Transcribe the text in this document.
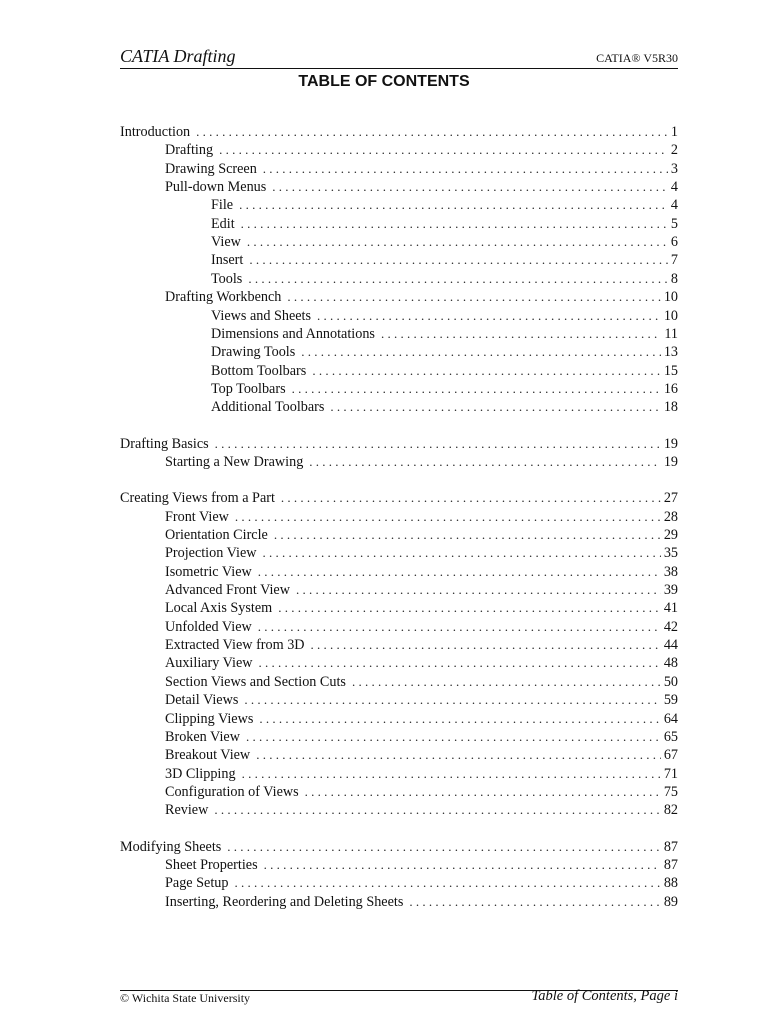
CATIA Drafting	CATIA® V5R30
TABLE OF CONTENTS
Introduction . . .	1
Drafting . . .	2
Drawing Screen . . .	3
Pull-down Menus . . .	4
File . . .	4
Edit . . .	5
View . . .	6
Insert . . .	7
Tools . . .	8
Drafting Workbench . . .	10
Views and Sheets . . .	10
Dimensions and Annotations . . .	11
Drawing Tools . . .	13
Bottom Toolbars . . .	15
Top Toolbars . . .	16
Additional Toolbars . . .	18
Drafting Basics . . .	19
Starting a New Drawing . . .	19
Creating Views from a Part . . .	27
Front View . . .	28
Orientation Circle . . .	29
Projection View . . .	35
Isometric View . . .	38
Advanced Front View . . .	39
Local Axis System . . .	41
Unfolded View . . .	42
Extracted View from 3D . . .	44
Auxiliary View . . .	48
Section Views and Section Cuts . . .	50
Detail Views . . .	59
Clipping Views . . .	64
Broken View . . .	65
Breakout View . . .	67
3D Clipping . . .	71
Configuration of Views . . .	75
Review . . .	82
Modifying Sheets . . .	87
Sheet Properties . . .	87
Page Setup . . .	88
Inserting, Reordering and Deleting Sheets . . .	89
© Wichita State University	Table of Contents, Page i
